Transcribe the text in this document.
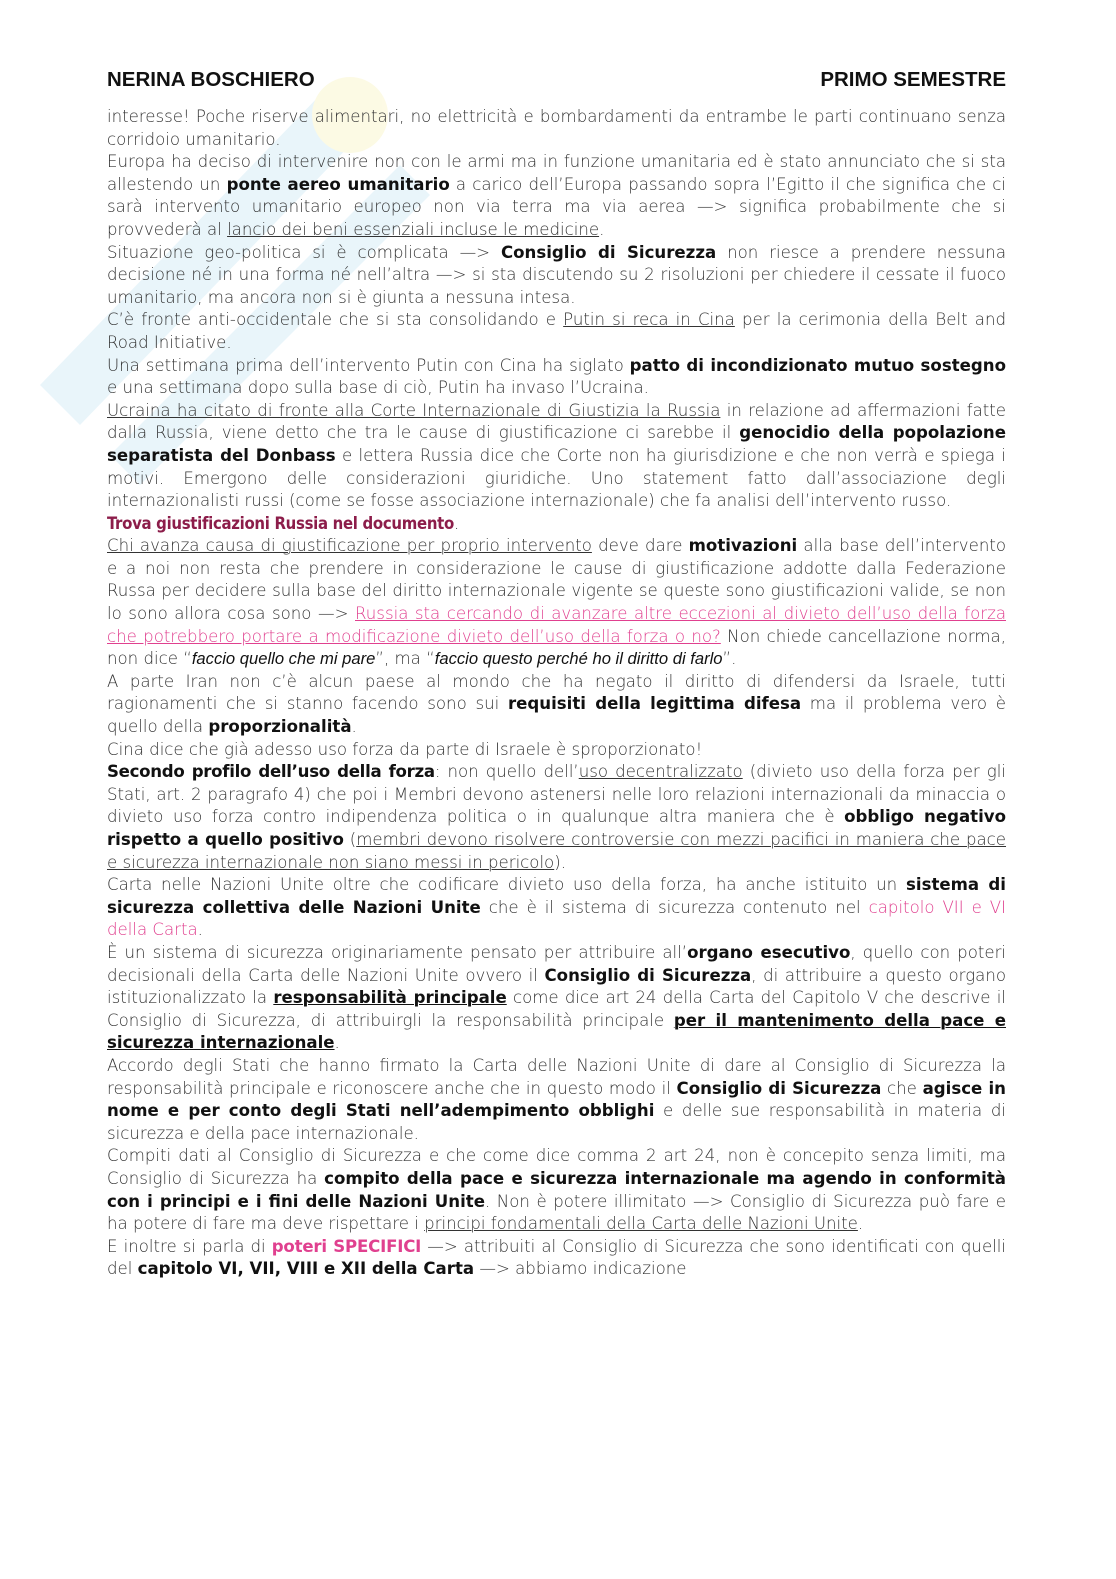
NERINA BOSCHIERO	PRIMO SEMESTRE

interesse! Poche riserve alimentari, no elettricità e bombardamenti da entrambe le parti continuano senza corridoio umanitario.

Europa ha deciso di intervenire non con le armi ma in funzione umanitaria ed è stato annunciato che si sta allestendo un ponte aereo umanitario a carico dell’Europa passando sopra l’Egitto il che significa che ci sarà intervento umanitario europeo non via terra ma via aerea —> significa probabilmente che si provvederà al lancio dei beni essenziali incluse le medicine.

Situazione geo-politica si è complicata —> Consiglio di Sicurezza non riesce a prendere nessuna decisione né in una forma né nell’altra —> si sta discutendo su 2 risoluzioni per chiedere il cessate il fuoco umanitario, ma ancora non si è giunta a nessuna intesa.

C’è fronte anti-occidentale che si sta consolidando e Putin si reca in Cina per la cerimonia della Belt and Road Initiative.

Una settimana prima dell’intervento Putin con Cina ha siglato patto di incondizionato mutuo sostegno e una settimana dopo sulla base di ciò, Putin ha invaso l’Ucraina.

Ucraina ha citato di fronte alla Corte Internazionale di Giustizia la Russia in relazione ad affermazioni fatte dalla Russia, viene detto che tra le cause di giustificazione ci sarebbe il genocidio della popolazione separatista del Donbass e lettera Russia dice che Corte non ha giurisdizione e che non verrà e spiega i motivi. Emergono delle considerazioni giuridiche. Uno statement fatto dall’associazione degli internazionalisti russi (come se fosse associazione internazionale) che fa analisi dell’intervento russo.

Trova giustificazioni Russia nel documento.

Chi avanza causa di giustificazione per proprio intervento deve dare motivazioni alla base dell’intervento e a noi non resta che prendere in considerazione le cause di giustificazione addotte dalla Federazione Russa per decidere sulla base del diritto internazionale vigente se queste sono giustificazioni valide, se non lo sono allora cosa sono —> Russia sta cercando di avanzare altre eccezioni al divieto dell’uso della forza che potrebbero portare a modificazione divieto dell’uso della forza o no? Non chiede cancellazione norma, non dice “faccio quello che mi pare”, ma “faccio questo perché ho il diritto di farlo”.

A parte Iran non c’è alcun paese al mondo che ha negato il diritto di difendersi da Israele, tutti ragionamenti che si stanno facendo sono sui requisiti della legittima difesa ma il problema vero è quello della proporzionalità.

Cina dice che già adesso uso forza da parte di Israele è sproporzionato!

Secondo profilo dell’uso della forza: non quello dell’uso decentralizzato (divieto uso della forza per gli Stati, art. 2 paragrafo 4) che poi i Membri devono astenersi nelle loro relazioni internazionali da minaccia o divieto uso forza contro indipendenza politica o in qualunque altra maniera che è obbligo negativo rispetto a quello positivo (membri devono risolvere controversie con mezzi pacifici in maniera che pace e sicurezza internazionale non siano messi in pericolo).

Carta nelle Nazioni Unite oltre che codificare divieto uso della forza, ha anche istituito un sistema di sicurezza collettiva delle Nazioni Unite che è il sistema di sicurezza contenuto nel capitolo VII e VI della Carta.

È un sistema di sicurezza originariamente pensato per attribuire all’organo esecutivo, quello con poteri decisionali della Carta delle Nazioni Unite ovvero il Consiglio di Sicurezza, di attribuire a questo organo istituzionalizzato la responsabilità principale come dice art 24 della Carta del Capitolo V che descrive il Consiglio di Sicurezza, di attribuirgli la responsabilità principale per il mantenimento della pace e sicurezza internazionale.

Accordo degli Stati che hanno firmato la Carta delle Nazioni Unite di dare al Consiglio di Sicurezza la responsabilità principale e riconoscere anche che in questo modo il Consiglio di Sicurezza che agisce in nome e per conto degli Stati nell’adempimento obblighi e delle sue responsabilità in materia di sicurezza e della pace internazionale.

Compiti dati al Consiglio di Sicurezza e che come dice comma 2 art 24, non è concepito senza limiti, ma Consiglio di Sicurezza ha compito della pace e sicurezza internazionale ma agendo in conformità con i principi e i fini delle Nazioni Unite. Non è potere illimitato —> Consiglio di Sicurezza può fare e ha potere di fare ma deve rispettare i principi fondamentali della Carta delle Nazioni Unite.

E inoltre si parla di poteri SPECIFICI —> attribuiti al Consiglio di Sicurezza che sono identificati con quelli del capitolo VI, VII, VIII e XII della Carta —> abbiamo indicazione
